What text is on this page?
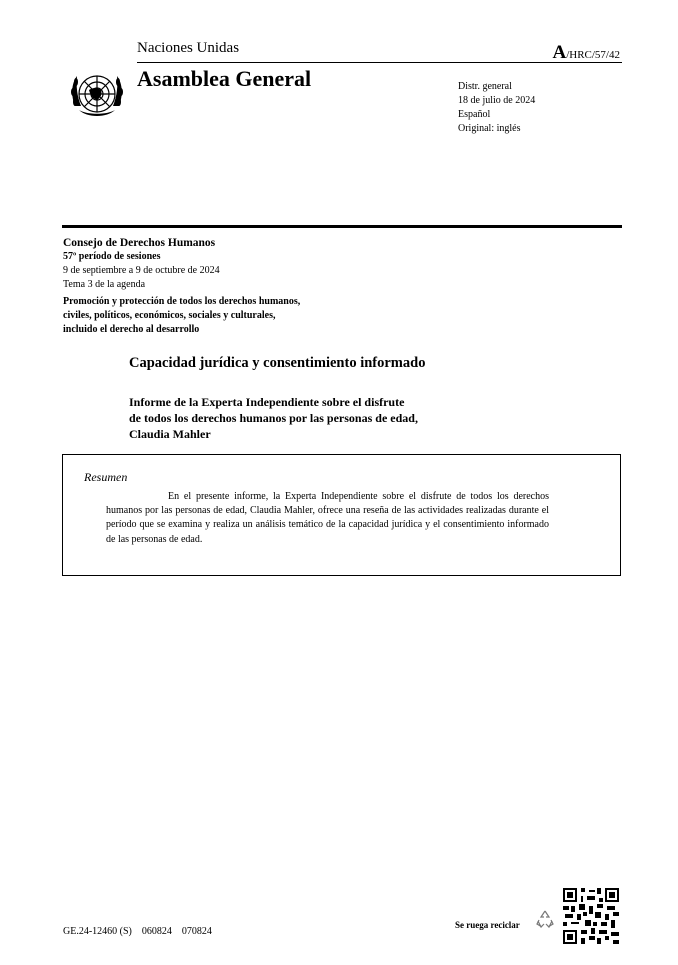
Naciones Unidas	A/HRC/57/42
Asamblea General	Distr. general
18 de julio de 2024
Español
Original: inglés
Consejo de Derechos Humanos
57º período de sesiones
9 de septiembre a 9 de octubre de 2024
Tema 3 de la agenda
Promoción y protección de todos los derechos humanos,
civiles, políticos, económicos, sociales y culturales,
incluido el derecho al desarrollo
Capacidad jurídica y consentimiento informado
Informe de la Experta Independiente sobre el disfrute
de todos los derechos humanos por las personas de edad,
Claudia Mahler
Resumen
En el presente informe, la Experta Independiente sobre el disfrute de todos los derechos humanos por las personas de edad, Claudia Mahler, ofrece una reseña de las actividades realizadas durante el período que se examina y realiza un análisis temático de la capacidad jurídica y el consentimiento informado de las personas de edad.
GE.24-12460 (S)    060824    070824
Se ruega reciclar
